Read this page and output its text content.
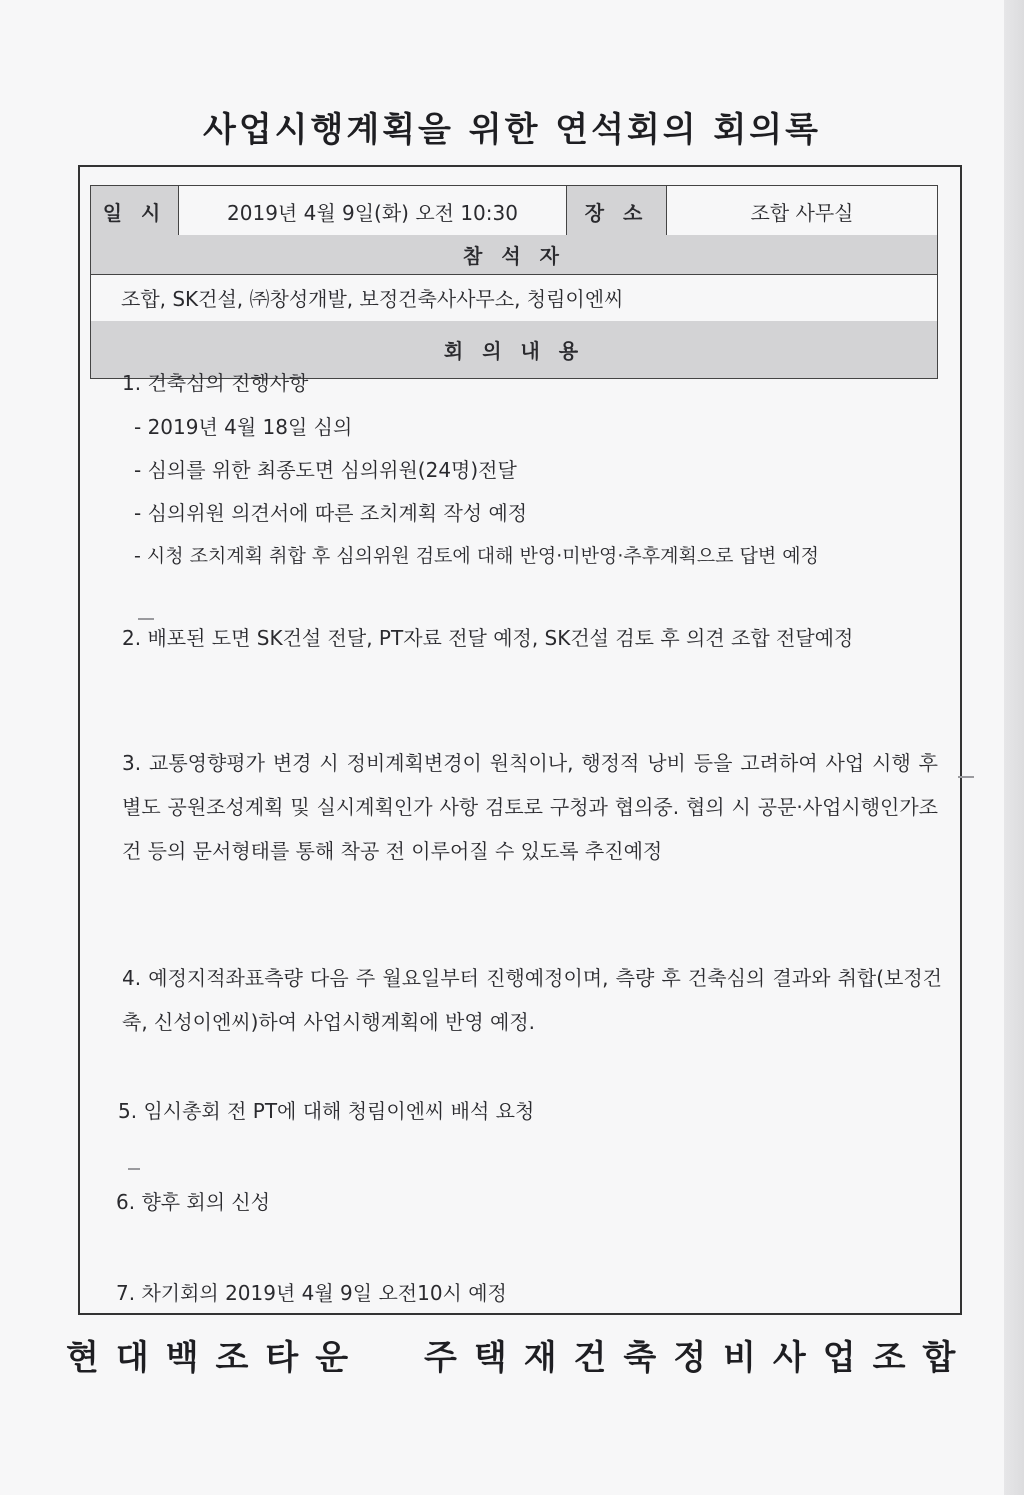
사업시행계획을 위한 연석회의 회의록
일 시	2019년 4월 9일(화) 오전 10:30	장 소	조합 사무실
참 석 자
조합, SK건설, ㈜창성개발, 보정건축사사무소, 청림이엔씨
회 의 내 용
1. 건축심의 진행사항
- 2019년 4월 18일 심의
- 심의를 위한 최종도면 심의위원(24명)전달
- 심의위원 의견서에 따른 조치계획 작성 예정
- 시청 조치계획 취합 후 심의위원 검토에 대해 반영·미반영·추후계획으로 답변 예정
2. 배포된 도면 SK건설 전달, PT자료 전달 예정, SK건설 검토 후 의견 조합 전달예정
3. 교통영향평가 변경 시 정비계획변경이 원칙이나, 행정적 낭비 등을 고려하여 사업 시행 후 별도 공원조성계획 및 실시계획인가 사항 검토로 구청과 협의중. 협의 시 공문·사업시행인가조건 등의 문서형태를 통해 착공 전 이루어질 수 있도록 추진예정
4. 예정지적좌표측량 다음 주 월요일부터 진행예정이며, 측량 후 건축심의 결과와 취합(보정건축, 신성이엔씨)하여 사업시행계획에 반영 예정.
5. 임시총회 전 PT에 대해 청림이엔씨 배석 요청
6. 향후 회의 신성
7. 차기회의 2019년 4월 9일 오전10시 예정
현대백조타운 주택재건축정비사업조합
